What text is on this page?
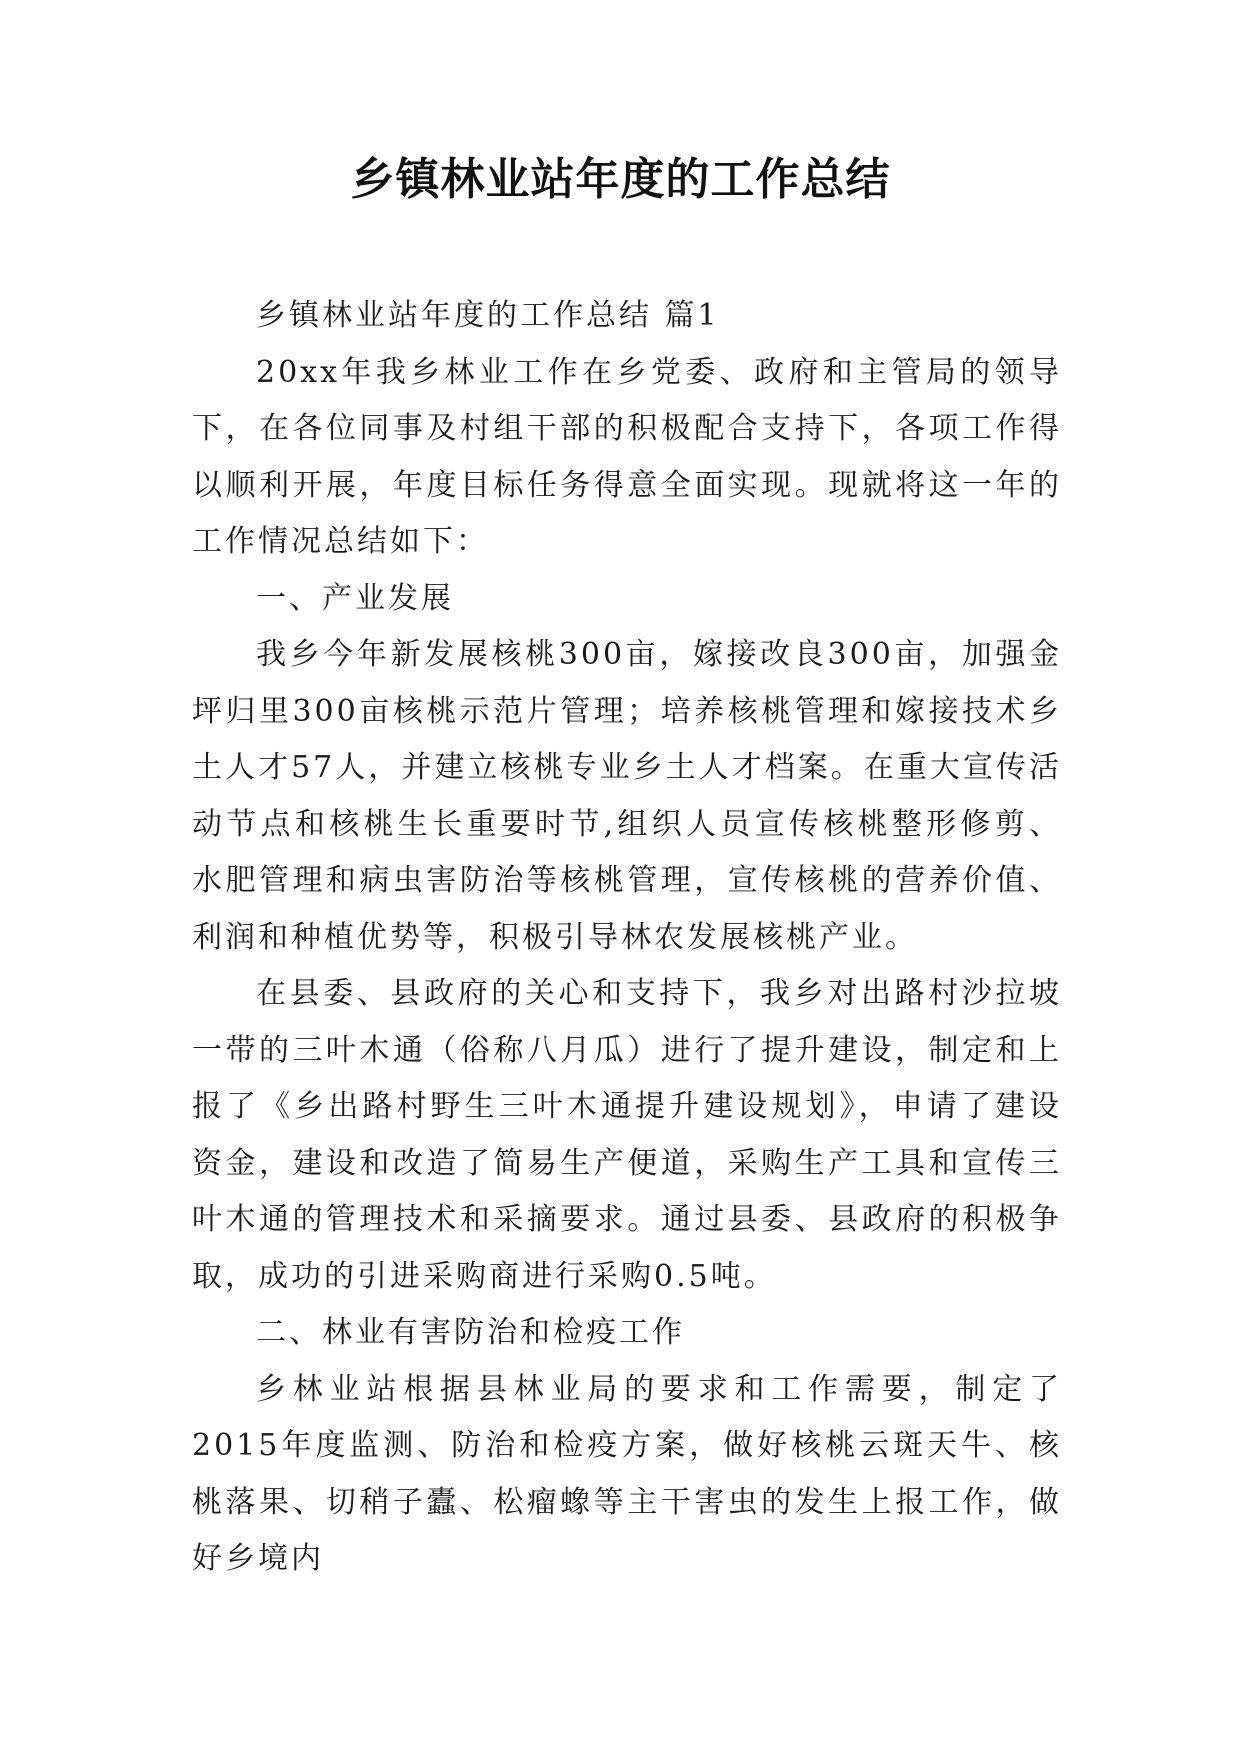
乡镇林业站年度的工作总结

乡镇林业站年度的工作总结 篇1

20xx年我乡林业工作在乡党委、政府和主管局的领导下，在各位同事及村组干部的积极配合支持下，各项工作得以顺利开展，年度目标任务得意全面实现。现就将这一年的工作情况总结如下：

一、产业发展

我乡今年新发展核桃300亩，嫁接改良300亩，加强金坪归里300亩核桃示范片管理；培养核桃管理和嫁接技术乡土人才57人，并建立核桃专业乡土人才档案。在重大宣传活动节点和核桃生长重要时节,组织人员宣传核桃整形修剪、水肥管理和病虫害防治等核桃管理，宣传核桃的营养价值、利润和种植优势等，积极引导林农发展核桃产业。

在县委、县政府的关心和支持下，我乡对出路村沙拉坡一带的三叶木通（俗称八月瓜）进行了提升建设，制定和上报了《乡出路村野生三叶木通提升建设规划》，申请了建设资金，建设和改造了简易生产便道，采购生产工具和宣传三叶木通的管理技术和采摘要求。通过县委、县政府的积极争取，成功的引进采购商进行采购0.5吨。

二、林业有害防治和检疫工作

乡林业站根据县林业局的要求和工作需要，制定了2015年度监测、防治和检疫方案，做好核桃云斑天牛、核桃落果、切稍子蠹、松瘤蟓等主干害虫的发生上报工作，做好乡境内
